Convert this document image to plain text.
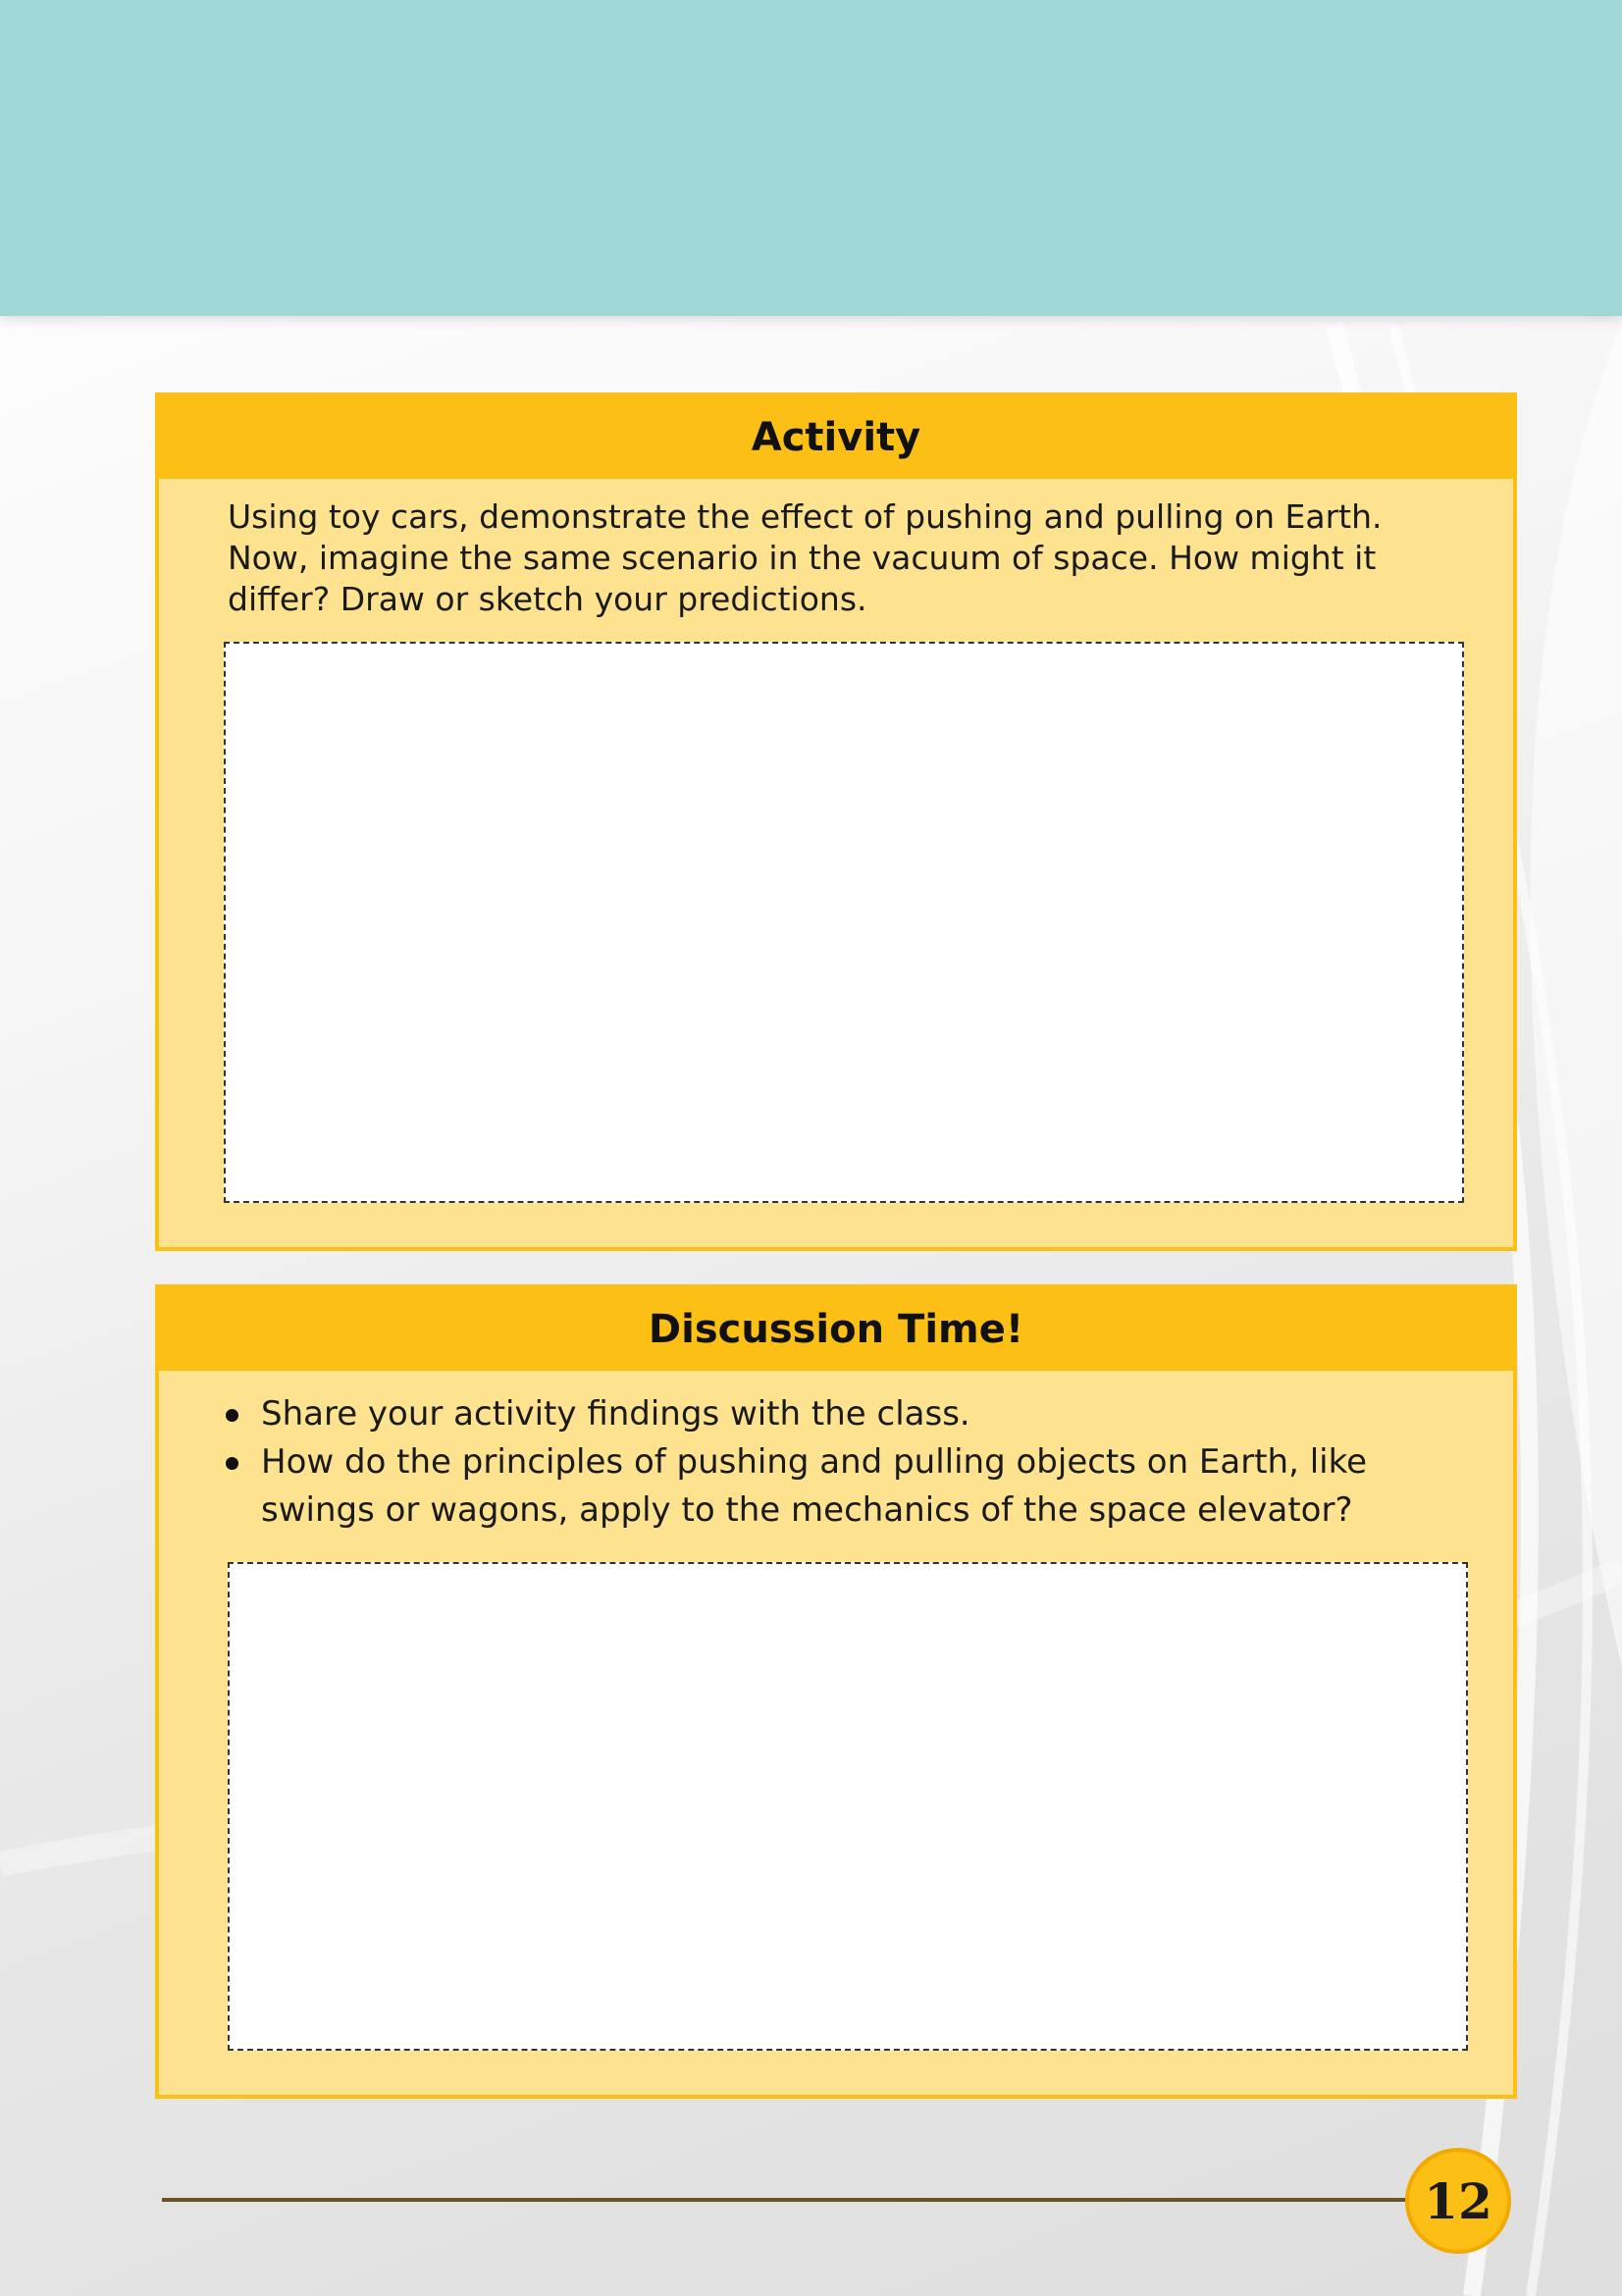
Activity

Using toy cars, demonstrate the effect of pushing and pulling on Earth. Now, imagine the same scenario in the vacuum of space. How might it differ? Draw or sketch your predictions.

Discussion Time!
Share your activity findings with the class.
How do the principles of pushing and pulling objects on Earth, like swings or wagons, apply to the mechanics of the space elevator?
12
